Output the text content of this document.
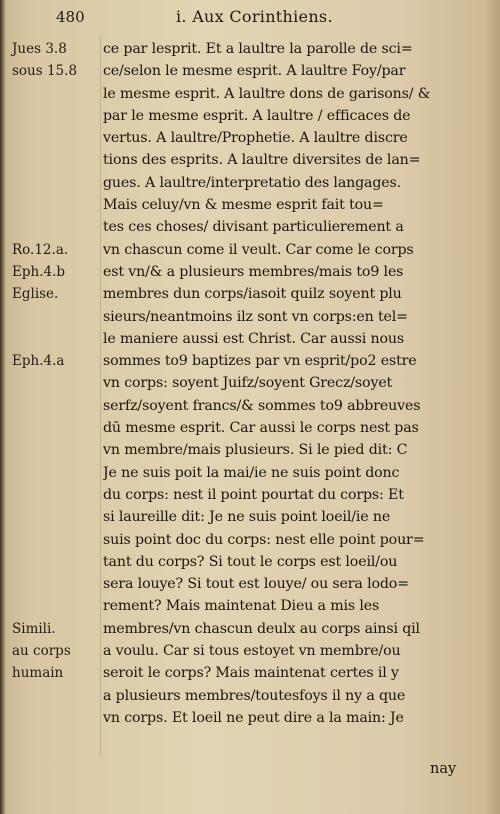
480	i. Aux Corinthiens.
Jues 3.8
sous 15.8
Ro.12.a.
Eph.4.b
Eglise.
Eph.4.a
Simili.
au corps
humain
ce par lesprit. Et a laultre la parolle de sci=
ce/selon le mesme esprit. A laultre Foy/par
le mesme esprit. A laultre dons de garisons/ &
par le mesme esprit. A laultre / efficaces de
vertus. A laultre/Prophetie. A laultre discre
tions des esprits. A laultre diversites de lan=
gues. A laultre/interpretatio des langages.
Mais celuy/vn & mesme esprit fait tou=
tes ces choses/ divisant particulierement a
vn chascun come il veult. Car come le corps
est vn/& a plusieurs membres/mais to9 les
membres dun corps/iasoit quilz soyent plu
sieurs/neantmoins ilz sont vn corps:en tel=
le maniere aussi est Christ. Car aussi nous
sommes to9 baptizes par vn esprit/po2 estre
vn corps: soyent Juifz/soyent Grecz/soyet
serfz/soyent francs/& sommes to9 abbreuves
dū mesme esprit. Car aussi le corps nest pas
vn membre/mais plusieurs. Si le pied dit: C
Je ne suis poit la mai/ie ne suis point donc
du corps: nest il point pourtat du corps: Et
si laureille dit: Je ne suis point loeil/ie ne
suis point doc du corps: nest elle point pour=
tant du corps? Si tout le corps est loeil/ou
sera louye? Si tout est louye/ ou sera lodo=
rement? Mais maintenat Dieu a mis les
membres/vn chascun deulx au corps ainsi qil
a voulu. Car si tous estoyet vn membre/ou
seroit le corps? Mais maintenat certes il y
a plusieurs membres/toutesfoys il ny a que
vn corps. Et loeil ne peut dire a la main: Je
nay
